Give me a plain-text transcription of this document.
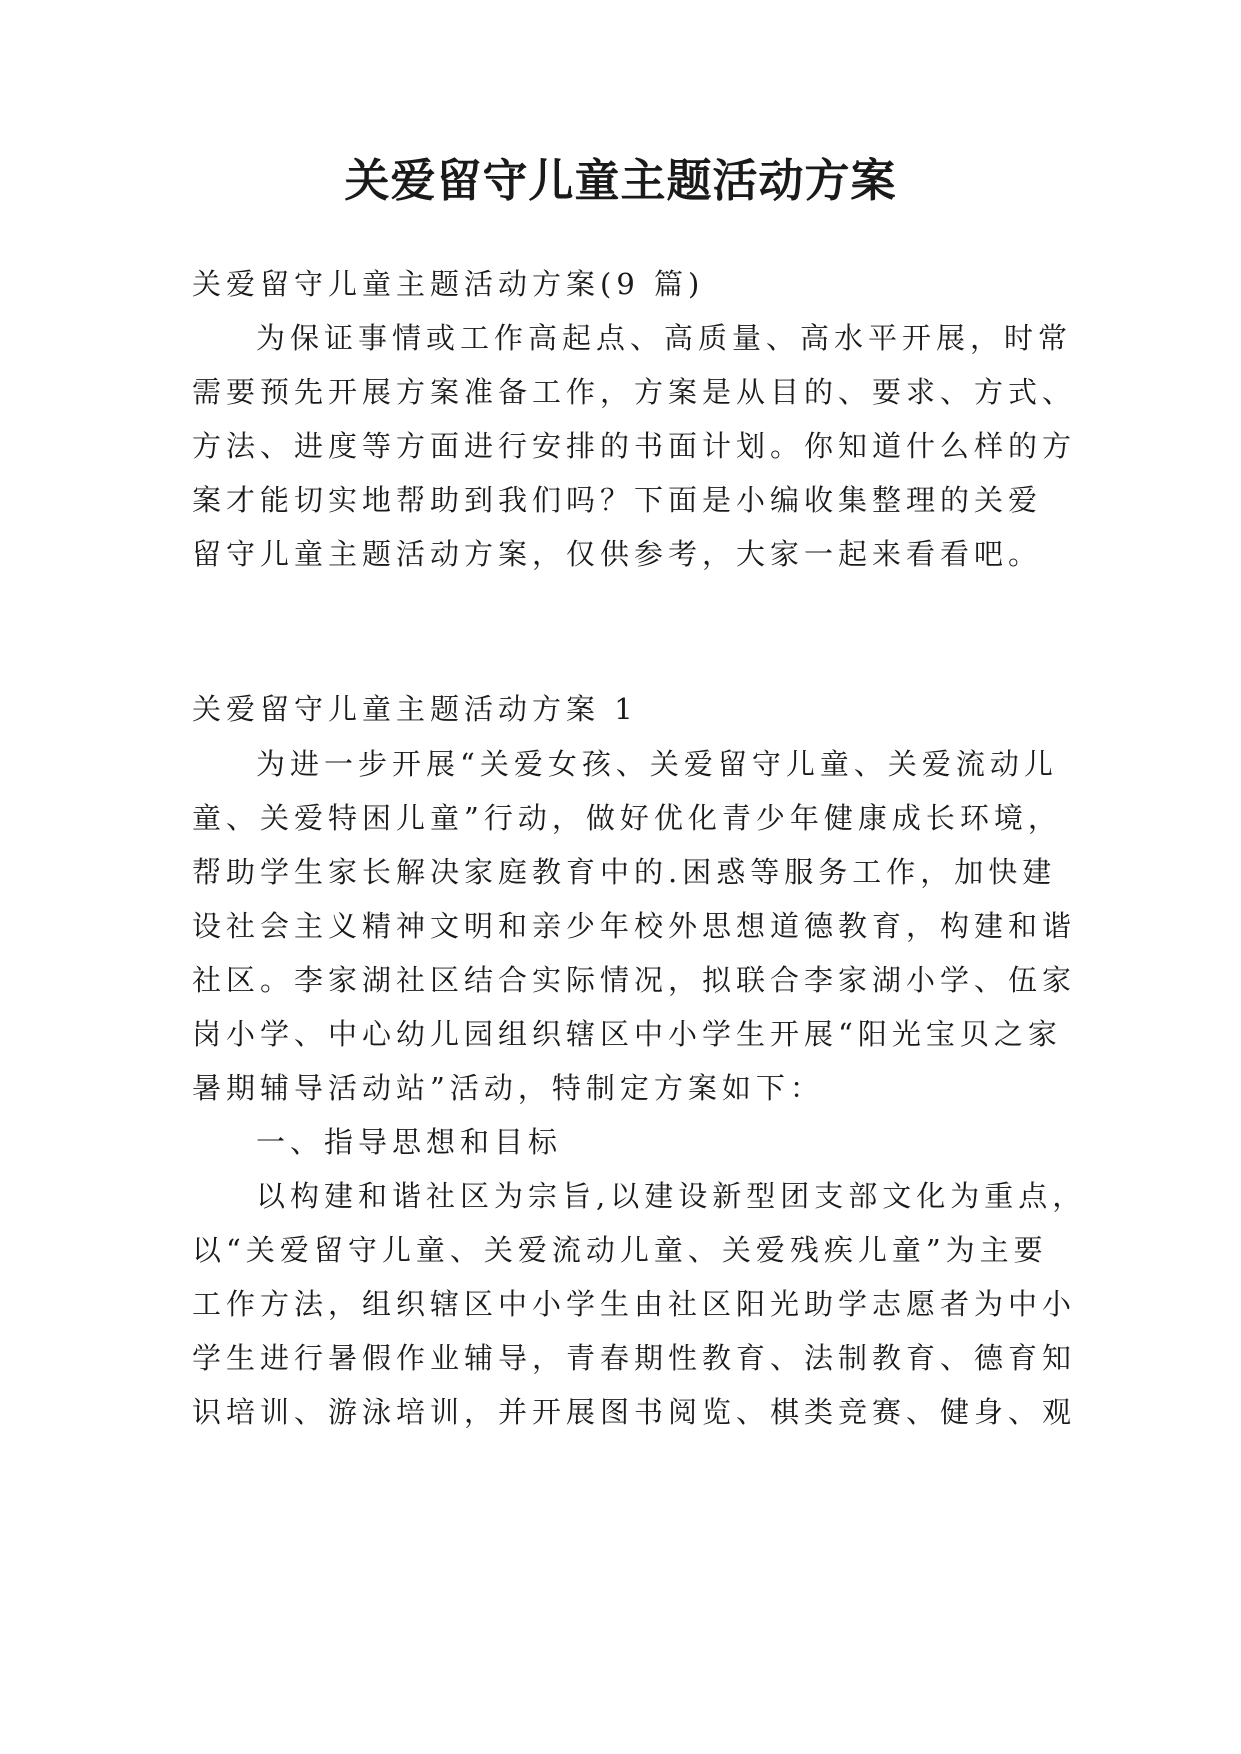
关爱留守儿童主题活动方案

关爱留守儿童主题活动方案(9 篇)

为保证事情或工作高起点、高质量、高水平开展，时常

需要预先开展方案准备工作，方案是从目的、要求、方式、

方法、进度等方面进行安排的书面计划。你知道什么样的方

案才能切实地帮助到我们吗？下面是小编收集整理的关爱

留守儿童主题活动方案，仅供参考，大家一起来看看吧。

关爱留守儿童主题活动方案 1

为进一步开展“关爱女孩、关爱留守儿童、关爱流动儿

童、关爱特困儿童”行动，做好优化青少年健康成长环境，

帮助学生家长解决家庭教育中的.困惑等服务工作，加快建

设社会主义精神文明和亲少年校外思想道德教育，构建和谐

社区。李家湖社区结合实际情况，拟联合李家湖小学、伍家

岗小学、中心幼儿园组织辖区中小学生开展“阳光宝贝之家

暑期辅导活动站”活动，特制定方案如下：

一、指导思想和目标

以构建和谐社区为宗旨,以建设新型团支部文化为重点，

以“关爱留守儿童、关爱流动儿童、关爱残疾儿童”为主要

工作方法，组织辖区中小学生由社区阳光助学志愿者为中小

学生进行暑假作业辅导，青春期性教育、法制教育、德育知

识培训、游泳培训，并开展图书阅览、棋类竞赛、健身、观
